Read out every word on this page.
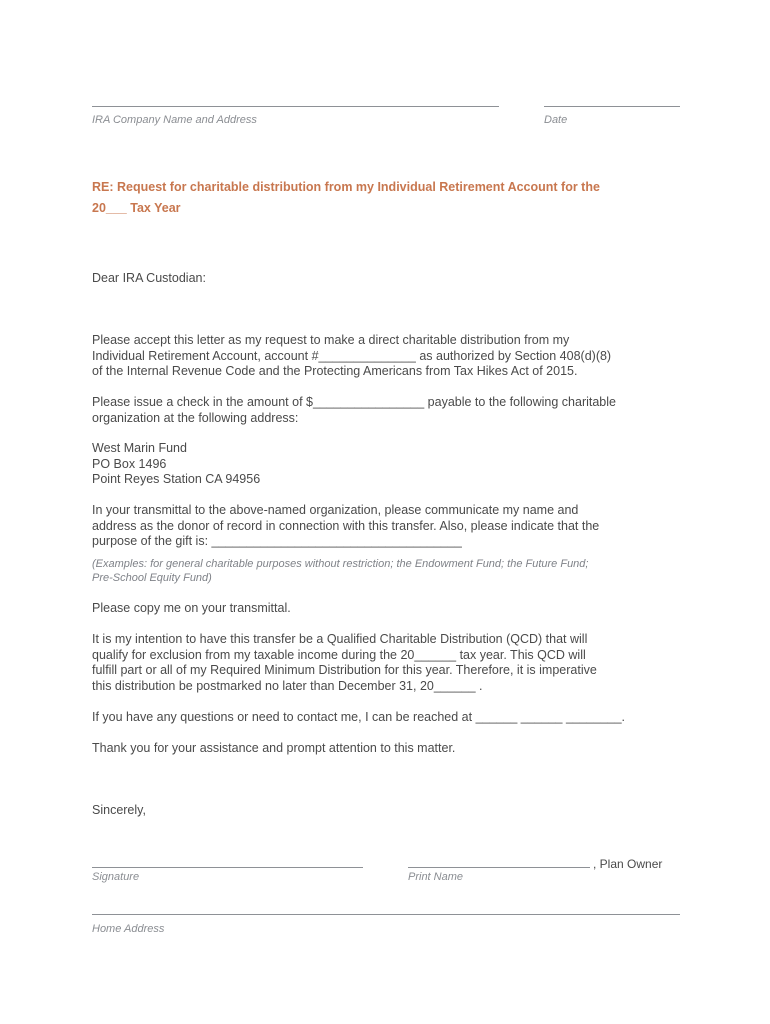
IRA Company Name and Address	Date
RE: Request for charitable distribution from my Individual Retirement Account for the
20___ Tax Year
Dear IRA Custodian:
Please accept this letter as my request to make a direct charitable distribution from my
Individual Retirement Account, account #______________ as authorized by Section 408(d)(8)
of the Internal Revenue Code and the Protecting Americans from Tax Hikes Act of 2015.
Please issue a check in the amount of $________________ payable to the following charitable
organization at the following address:
West Marin Fund
PO Box 1496
Point Reyes Station CA 94956
In your transmittal to the above-named organization, please communicate my name and
address as the donor of record in connection with this transfer. Also, please indicate that the
purpose of the gift is: ____________________________________
(Examples: for general charitable purposes without restriction; the Endowment Fund; the Future Fund;
Pre-School Equity Fund)
Please copy me on your transmittal.
It is my intention to have this transfer be a Qualified Charitable Distribution (QCD) that will
qualify for exclusion from my taxable income during the 20______ tax year. This QCD will
fulfill part or all of my Required Minimum Distribution for this year. Therefore, it is imperative
this distribution be postmarked no later than December 31, 20______ .
If you have any questions or need to contact me, I can be reached at ______ ______ ________.
Thank you for your assistance and prompt attention to this matter.
Sincerely,
Signature
, Plan Owner
Print Name
Home Address
